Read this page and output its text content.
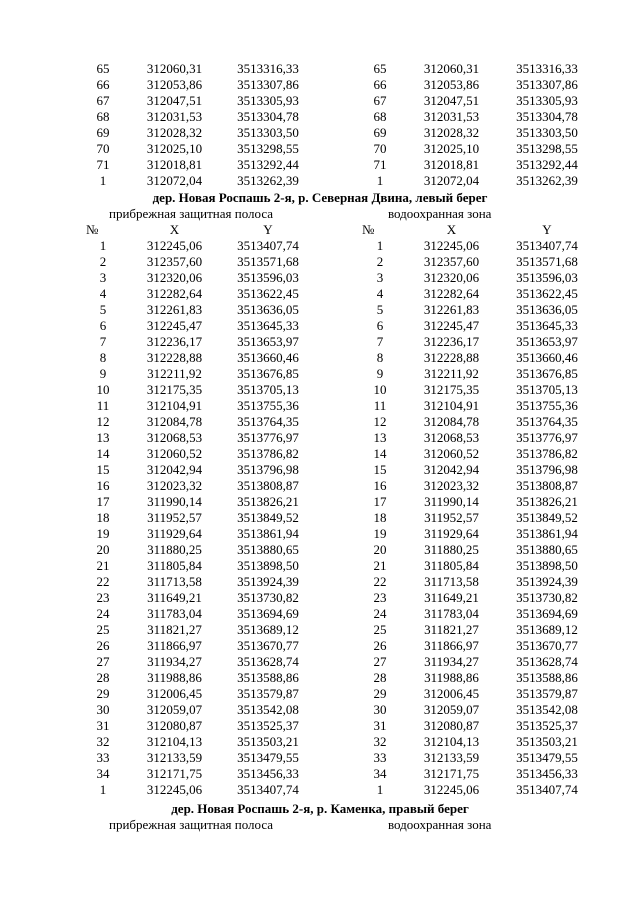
65	312060,31	3513316,33	65	312060,31	3513316,33
66	312053,86	3513307,86	66	312053,86	3513307,86
67	312047,51	3513305,93	67	312047,51	3513305,93
68	312031,53	3513304,78	68	312031,53	3513304,78
69	312028,32	3513303,50	69	312028,32	3513303,50
70	312025,10	3513298,55	70	312025,10	3513298,55
71	312018,81	3513292,44	71	312018,81	3513292,44
1	312072,04	3513262,39	1	312072,04	3513262,39
дер. Новая Роспашь 2-я, р. Северная Двина, левый берег
прибрежная защитная полоса	водоохранная зона
№	X	Y	№	X	Y
1	312245,06	3513407,74	1	312245,06	3513407,74
2	312357,60	3513571,68	2	312357,60	3513571,68
3	312320,06	3513596,03	3	312320,06	3513596,03
4	312282,64	3513622,45	4	312282,64	3513622,45
5	312261,83	3513636,05	5	312261,83	3513636,05
6	312245,47	3513645,33	6	312245,47	3513645,33
7	312236,17	3513653,97	7	312236,17	3513653,97
8	312228,88	3513660,46	8	312228,88	3513660,46
9	312211,92	3513676,85	9	312211,92	3513676,85
10	312175,35	3513705,13	10	312175,35	3513705,13
11	312104,91	3513755,36	11	312104,91	3513755,36
12	312084,78	3513764,35	12	312084,78	3513764,35
13	312068,53	3513776,97	13	312068,53	3513776,97
14	312060,52	3513786,82	14	312060,52	3513786,82
15	312042,94	3513796,98	15	312042,94	3513796,98
16	312023,32	3513808,87	16	312023,32	3513808,87
17	311990,14	3513826,21	17	311990,14	3513826,21
18	311952,57	3513849,52	18	311952,57	3513849,52
19	311929,64	3513861,94	19	311929,64	3513861,94
20	311880,25	3513880,65	20	311880,25	3513880,65
21	311805,84	3513898,50	21	311805,84	3513898,50
22	311713,58	3513924,39	22	311713,58	3513924,39
23	311649,21	3513730,82	23	311649,21	3513730,82
24	311783,04	3513694,69	24	311783,04	3513694,69
25	311821,27	3513689,12	25	311821,27	3513689,12
26	311866,97	3513670,77	26	311866,97	3513670,77
27	311934,27	3513628,74	27	311934,27	3513628,74
28	311988,86	3513588,86	28	311988,86	3513588,86
29	312006,45	3513579,87	29	312006,45	3513579,87
30	312059,07	3513542,08	30	312059,07	3513542,08
31	312080,87	3513525,37	31	312080,87	3513525,37
32	312104,13	3513503,21	32	312104,13	3513503,21
33	312133,59	3513479,55	33	312133,59	3513479,55
34	312171,75	3513456,33	34	312171,75	3513456,33
1	312245,06	3513407,74	1	312245,06	3513407,74
дер. Новая Роспашь 2-я, р. Каменка, правый берег
прибрежная защитная полоса	водоохранная зона
